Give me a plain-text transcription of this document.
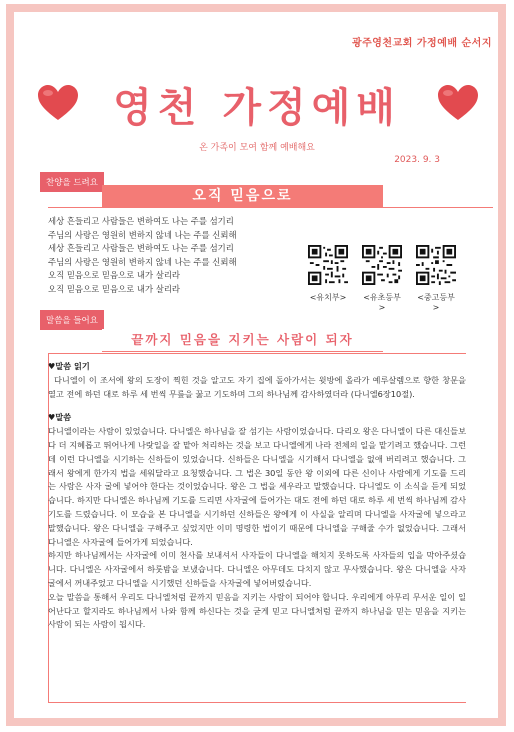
광주영천교회 가정예배 순서지
영천 가정예배
온 가족이 모여 함께 예배해요
2023. 9. 3
찬양을 드려요
오직 믿음으로
세상 흔들리고 사람들은 변하여도 나는 주를 섬기리
주님의 사랑은 영원히 변하지 않네 나는 주를 신뢰해
세상 흔들리고 사람들은 변하여도 나는 주를 섬기리
주님의 사랑은 영원히 변하지 않네 나는 주를 신뢰해
오직 믿음으로 믿음으로 내가 살리라
오직 믿음으로 믿음으로 내가 살리라
<유치부>	<유초등부>
<중고등부>
말씀을 들어요
끝까지 믿음을 지키는 사람이 되자
♥말씀 읽기

다니엘이 이 조서에 왕의 도장이 찍힌 것을 알고도 자기 집에 돌아가서는 윗방에 올라가 예루살렘으로 향한 창문을 열고 전에 하던 대로 하루 세 번씩 무릎을 꿇고 기도하며 그의 하나님께 감사하였더라 (다니엘6장10절).

♥말씀

다니엘이라는 사람이 있었습니다. 다니엘은 하나님을 잘 섬기는 사람이었습니다. 다리오 왕은 다니엘이 다른 대신들보다 더 지혜롭고 뛰어나게 나랏일을 잘 맡아 처리하는 것을 보고 다니엘에게 나라 전체의 일을 맡기려고 했습니다. 그런데 이런 다니엘을 시기하는 신하들이 있었습니다. 신하들은 다니엘을 시기해서 다니엘을 없애 버리려고 했습니다. 그래서 왕에게 한가지 법을 세워달라고 요청했습니다. 그 법은 30일 동안 왕 이외에 다른 신이나 사람에게 기도를 드리는 사람은 사자 굴에 넣어야 한다는 것이었습니다. 왕은 그 법을 세우라고 말했습니다. 다니엘도 이 소식을 듣게 되었습니다. 하지만 다니엘은 하나님께 기도를 드리면 사자굴에 들어가는 대도 전에 하던 대로 하루 세 번씩 하나님께 감사기도를 드렸습니다. 이 모습을 본 다니엘을 시기하던 신하들은 왕에게 이 사실을 알리며 다니엘을 사자굴에 넣으라고 말했습니다. 왕은 다니엘을 구해주고 싶었지만 이미 명령한 법이기 때문에 다니엘을 구해줄 수가 없었습니다. 그래서 다니엘은 사자굴에 들어가게 되었습니다.

하지만 하나님께서는 사자굴에 이미 천사를 보내셔서 사자들이 다니엘을 해치지 못하도록 사자들의 입을 막아주셨습니다. 다니엘은 사자굴에서 하룻밤을 보냈습니다. 다니엘은 아무데도 다치지 않고 무사했습니다. 왕은 다니엘을 사자굴에서 꺼내주었고 다니엘을 시기했던 신하들을 사자굴에 넣어버렸습니다.

오늘 말씀을 통해서 우리도 다니엘처럼 끝까지 믿음을 지키는 사람이 되어야 합니다. 우리에게 아무리 무서운 일이 일어난다고 할지라도 하나님께서 나와 함께 하신다는 것을 굳게 믿고 다니엘처럼 끝까지 하나님을 믿는 믿음을 지키는 사람이 되는 사람이 됩시다.
